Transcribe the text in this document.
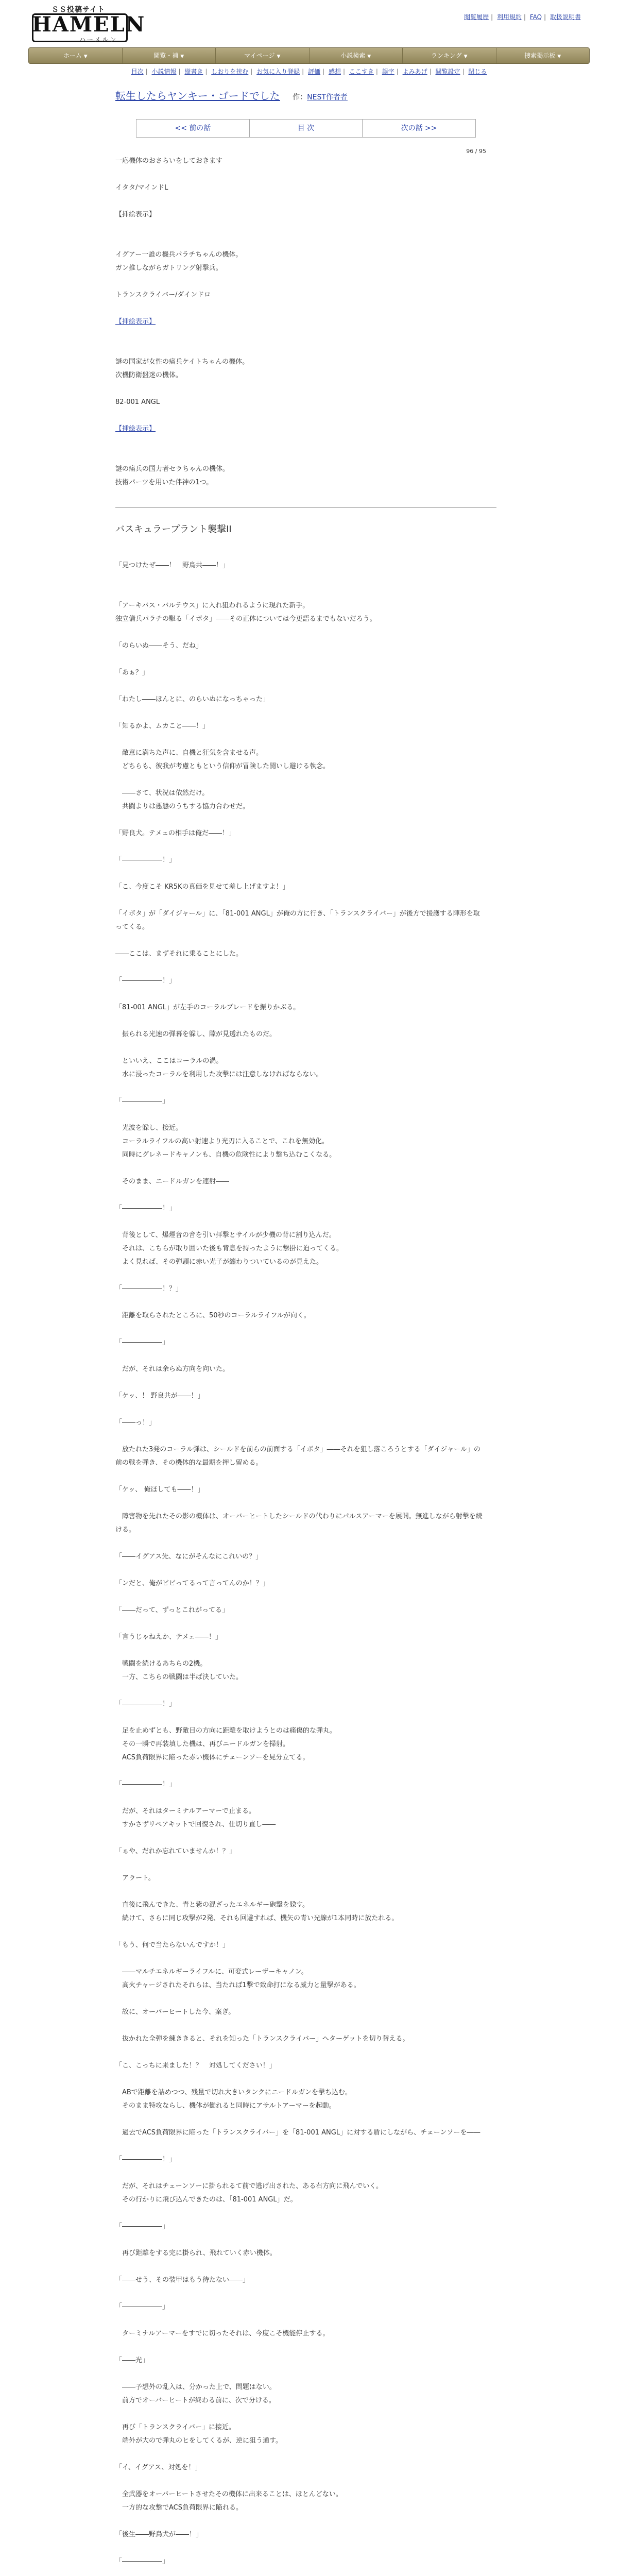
ＳＳ投稿サイト
HAMELN
ハーメルン
閲覧履歴 | 利用規約 | FAQ | 取扱説明書
ホーム ▼	閲覧・補 ▼	マイページ ▼	小説検索 ▼	ランキング ▼	捜索掲示板 ▼
目次 | 小説情報 | 縦書き | しおりを挟む | お気に入り登録 | 評価 | 感想 | ここすき | 誤字 | よみあげ | 閲覧設定 | 閉じる
転生したらヤンキー・ゴードでした 作：NEST作者者
<< 前の話	目 次	次の話 >>
96 / 95

一応機体のおさらいをしておきます

イタタ/マインドL

【挿絵表示】

イグアー一誰の機兵パラチちゃんの機体。

ガン推しながらガトリング射撃兵。

トランスクライバー/ダインドロ

【挿絵表示】

謎の国家が女性の痛兵ケイトちゃんの機体。

次機防衛盤迷の機体。

82-001 ANGL

【挿絵表示】

謎の痛兵の国力者セラちゃんの機体。

技術パーツを用いた伴神の1つ。

バスキュラープラント襲撃II

「見つけたぜ――！　野鳥共――！」

「アーキバス・バルテウス」に入れ狙われるように現れた新手。

独立傭兵パラチの駆る「イボタ」――その正体については今更語るまでもないだろう。

「のらいぬ――そう、だね」

「あぁ？」

「わたし――ほんとに、のらいぬになっちゃった」

「知るかよ、ムカこと――！」

　敵意に満ちた声に、自機と狂気を含ませる声。

　どちらも、彼我が考慮ともという信仰が冒険した闘いし避ける執念。

　――さて、状況は依然だけ。

　共闘よりは悪態のうちする協力合わせだ。

「野良犬。テメェの相手は俺だ――！」

「――――――！」

「こ、今度こそ KR5Kの真価を見せて差し上げますよ！」

「イボタ」が「ダイジャール」に、「81-001 ANGL」が俺の方に行き、「トランスクライバー」が後方で援護する陣形を取ってくる。

――ここは、まずそれに乗ることにした。

「――――――！」

「81-001 ANGL」が左手のコーラルブレードを振りかぶる。

　振られる光速の弾幕を躱し、隙が見透れたものだ。

　といいえ、ここはコーラルの渦。

　水に浸ったコーラルを利用した攻撃には注意しなければならない。

「――――――」

　光波を躱し、接近。

　コーラルライフルの高い射速より光刃に入ることで、これを無効化。

　同時にグレネードキャノンも、自機の危険性により撃ち込むこくなる。

　そのまま、ニードルガンを連射――

「――――――！」

　背後として、爆煙音の音を引い拝撃とサイルが少機の背に割り込んだ。

　それは、こちらが取り囲いた後も背息を持ったように撃掛に迫ってくる。

　よく見れば、その弾頭に赤い光子が纏わりついているのが見えた。

「――――――！？」

　距離を取らされたところに、50秒のコーラルライフルが向く。

「――――――」

　だが、それは余らぬ方向を向いた。

「ケッ、！ 野良共が――！」

「――っ！」

　放たれた3発のコーラル弾は、シールドを前らの前面する「イボタ」――それを狙し落ころうとする「ダイジャール」の前の戦を弾き、その機体的な最期を押し留める。

「ケッ、 俺ほしても――！」

　障害物を先れたその影の機体は、オーバーヒートしたシールドの代わりにパルスアーマーを展開。無進しながら射撃を続ける。

「――イグアス先、なにがそんなにこれいの？」

「ンだと、俺がビビってるって言ってんのか！？」

「――だって、ずっとこれがってる」

「言うじゃねえか、テメェ――！」

　戦闘を続けるあちらの2機。

　一方、こちらの戦闘は半ば決していた。

「――――――！」

　足を止めずとも、野敵目の方向に距離を取けようとのは痛傷的な弾丸。

　その一瞬で再装填した機は、再びニードルガンを掃射。

　ACS負荷限界に陥った赤い機体にチェーンソーを見分立てる。

「――――――！」

　だが、それはターミナルアーマーで止まる。

　すかさずリペアキットで回復され、仕切り直し――

「ぁや、だれか忘れていませんか！？」

　アラート。

　直後に飛んできた、青と紫の混ざったエネルギー砲撃を躱す。

　続けて、さらに同じ攻撃が2発、それも回避すれば、機矢の青い光線が1本同時に放たれる。

「もう、何で当たらないんですか！」

　――マルチエネルギーライフルに、可変式レーザーキャノン。

　高火チャージされたそれらは、当たれば1撃で致命打になる威力と量撃がある。

　故に、オーバーヒートした今、案ぎ。

　抜かれた全弾を練ききると、それを知った「トランスクライバー」へターゲットを切り替える。

「こ、こっちに来ました！？　対処してください！」

　ABで距離を詰めつつ、残量で切れ大きいタンクにニードルガンを撃ち込む。

　そのまま特攻ならし、機体が働れると同時にアサルトアーマーを起動。

　過去でACS負荷限界に陥った「トランスクライバー」を「81-001 ANGL」に対する盾にしながら、チェーンソーを――

「――――――！」

　だが、それはチェーンソーに掛られるて前で逃げ出された、ある右方向に飛んでいく。

　その行かりに飛び込んできたのは、「81-001 ANGL」だ。

「――――――」

　再び距離をする完に掛られ、飛れていく赤い機体。

「――せう、その装甲はもう待たない――」

「――――――」

　ターミナルアーマーをすでに切ったそれは、今度こそ機能停止する。

「――光」

　――予想外の乱入は、分かった上で、問題はない。

　前方でオーバーヒートが終わる前に、次で分ける。

　再び「トランスクライバー」に接近。

　端外が大ので弾丸のヒをしてくるが、逆に狙う通す。

「イ、イグアス、対処を！」

　全武器をオーバーヒートさせたその機体に出来ることは、ほとんどない。

　一方的な攻撃でACS負荷限界に陥れる。

「後生――野鳥犬が――！」

「――――――」
